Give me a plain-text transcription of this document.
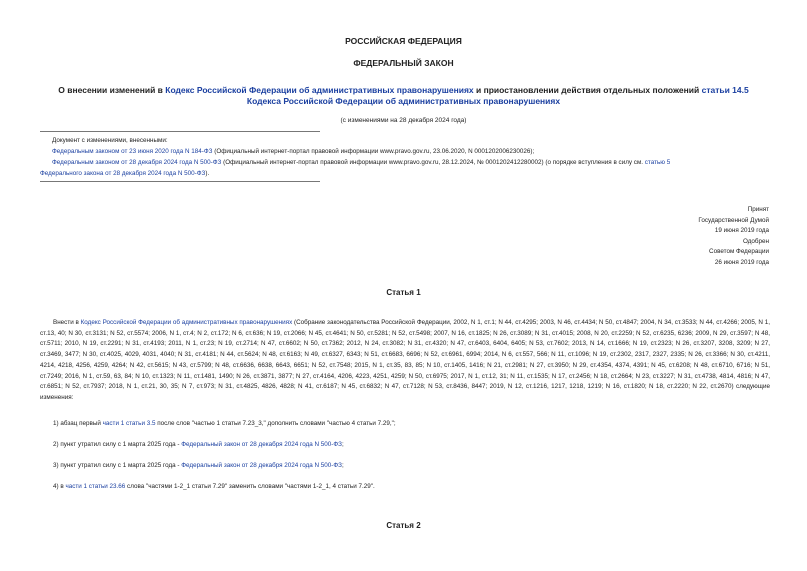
РОССИЙСКАЯ ФЕДЕРАЦИЯ
ФЕДЕРАЛЬНЫЙ ЗАКОН
О внесении изменений в Кодекс Российской Федерации об административных правонарушениях и приостановлении действия отдельных положений статьи 14.5
Кодекса Российской Федерации об административных правонарушениях
(с изменениями на 28 декабря 2024 года)
Документ с изменениями, внесенными:
Федеральным законом от 23 июня 2020 года N 184-ФЗ (Официальный интернет-портал правовой информации www.pravo.gov.ru, 23.06.2020, N 0001202006230026);
Федеральным законом от 28 декабря 2024 года N 500-ФЗ (Официальный интернет-портал правовой информации www.pravo.gov.ru, 28.12.2024, № 0001202412280002) (о порядке вступления в силу см. статью 5
Федерального закона от 28 декабря 2024 года N 500-ФЗ).
Принят
Государственной Думой
19 июня 2019 года
Одобрен
Советом Федерации
26 июня 2019 года
Статья 1
Внести в Кодекс Российской Федерации об административных правонарушениях (Собрание законодательства Российской Федерации, 2002, N 1, ст.1; N 44, ст.4295; 2003, N 46, ст.4434; N 50, ст.4847; 2004, N 34, ст.3533; N 44, ст.4266; 2005, N 1, ст.13, 40; N 30, ст.3131; N 52, ст.5574; 2006, N 1, ст.4; N 2, ст.172; N 6, ст.636; N 19, ст.2066; N 45, ст.4641; N 50, ст.5281; N 52, ст.5498; 2007, N 16, ст.1825; N 26, ст.3089; N 31, ст.4015; 2008, N 20, ст.2259; N 52, ст.6235, 6236; 2009, N 29, ст.3597; N 48, ст.5711; 2010, N 19, ст.2291; N 31, ст.4193; 2011, N 1, ст.23; N 19, ст.2714; N 47, ст.6602; N 50, ст.7362; 2012, N 24, ст.3082; N 31, ст.4320; N 47, ст.6403, 6404, 6405; N 53, ст.7602; 2013, N 14, ст.1666; N 19, ст.2323; N 26, ст.3207, 3208, 3209; N 27, ст.3469, 3477; N 30, ст.4025, 4029, 4031, 4040; N 31, ст.4181; N 44, ст.5624; N 48, ст.6163; N 49, ст.6327, 6343; N 51, ст.6683, 6696; N 52, ст.6961, 6994; 2014, N 6, ст.557, 566; N 11, ст.1096; N 19, ст.2302, 2317, 2327, 2335; N 26, ст.3366; N 30, ст.4211, 4214, 4218, 4256, 4259, 4264; N 42, ст.5615; N 43, ст.5799; N 48, ст.6636, 6638, 6643, 6651; N 52, ст.7548; 2015, N 1, ст.35, 83, 85; N 10, ст.1405, 1416; N 21, ст.2981; N 27, ст.3950; N 29, ст.4354, 4374, 4391; N 45, ст.6208; N 48, ст.6710, 6716; N 51, ст.7249; 2016, N 1, ст.59, 63, 84; N 10, ст.1323; N 11, ст.1481, 1490; N 26, ст.3871, 3877; N 27, ст.4164, 4206, 4223, 4251, 4259; N 50, ст.6975; 2017, N 1, ст.12, 31; N 11, ст.1535; N 17, ст.2456; N 18, ст.2664; N 23, ст.3227; N 31, ст.4738, 4814, 4816; N 47, ст.6851; N 52, ст.7937; 2018, N 1, ст.21, 30, 35; N 7, ст.973; N 31, ст.4825, 4826, 4828; N 41, ст.6187; N 45, ст.6832; N 47, ст.7128; N 53, ст.8436, 8447; 2019, N 12, ст.1216, 1217, 1218, 1219; N 16, ст.1820; N 18, ст.2220; N 22, ст.2670) следующие изменения:
1) абзац первый части 1 статьи 3.5 после слов "частью 1 статьи 7.23_3," дополнить словами "частью 4 статьи 7.29,";
2) пункт утратил силу с 1 марта 2025 года - Федеральный закон от 28 декабря 2024 года N 500-ФЗ;
3) пункт утратил силу с 1 марта 2025 года - Федеральный закон от 28 декабря 2024 года N 500-ФЗ;
4) в части 1 статьи 23.66 слова "частями 1-2_1 статьи 7.29" заменить словами "частями 1-2_1, 4 статьи 7.29".
Статья 2
